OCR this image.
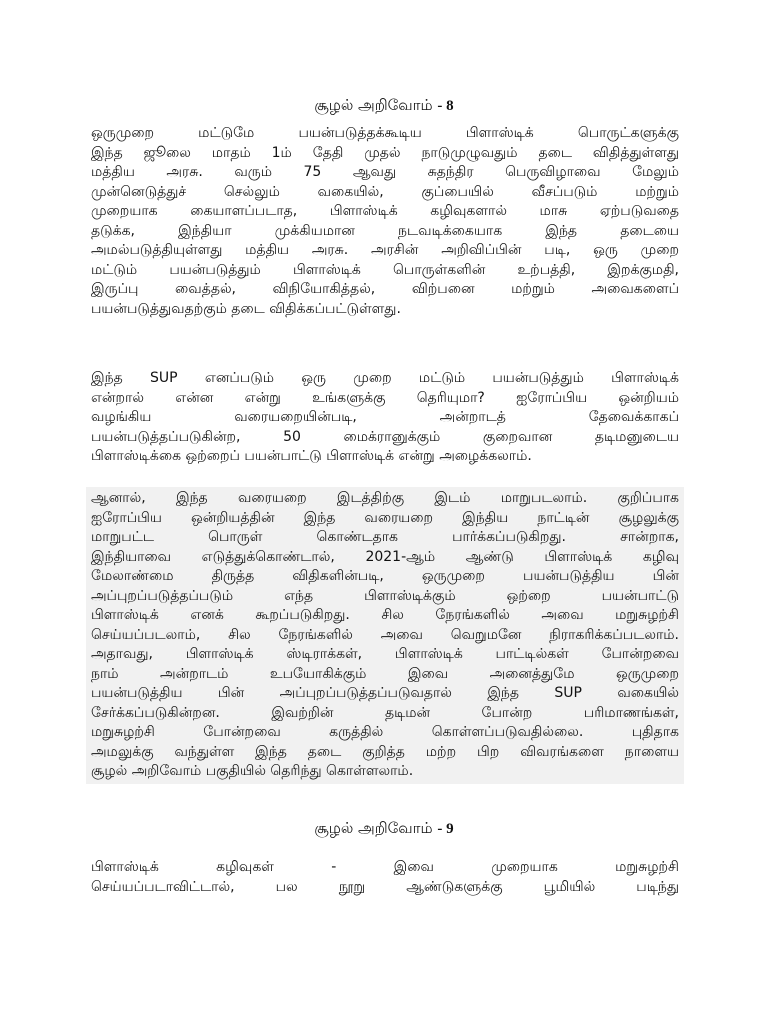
சூழல் அறிவோம் - 8
ஒருமுறை மட்டுமே பயன்படுத்தக்கூடிய பிளாஸ்டிக் பொருட்களுக்கு
இந்த ஜூலை மாதம் 1ம் தேதி முதல் நாடுமுழுவதும் தடை விதித்துள்ளது
மத்திய அரசு. வரும் 75 ஆவது சுதந்திர பெருவிழாவை மேலும்
முன்னெடுத்துச் செல்லும் வகையில், குப்பையில் வீசப்படும் மற்றும்
முறையாக கையாளப்படாத, பிளாஸ்டிக் கழிவுகளால் மாசு ஏற்படுவதை
தடுக்க, இந்தியா முக்கியமான நடவடிக்கையாக இந்த தடையை
அமல்படுத்தியுள்ளது மத்திய அரசு. அரசின் அறிவிப்பின் படி, ஒரு முறை
மட்டும் பயன்படுத்தும் பிளாஸ்டிக் பொருள்களின் உற்பத்தி, இறக்குமதி,
இருப்பு வைத்தல், விநியோகித்தல், விற்பனை மற்றும் அவைகளைப்
பயன்படுத்துவதற்கும் தடை விதிக்கப்பட்டுள்ளது.
இந்த SUP எனப்படும் ஒரு முறை மட்டும் பயன்படுத்தும் பிளாஸ்டிக்
என்றால் என்ன என்று உங்களுக்கு தெரியுமா? ஐரோப்பிய ஒன்றியம்
வழங்கிய வரையறையின்படி, அன்றாடத் தேவைக்காகப்
பயன்படுத்தப்படுகின்ற, 50 மைக்ரானுக்கும் குறைவான தடிமனுடைய
பிளாஸ்டிக்கை ஒற்றைப் பயன்பாட்டு பிளாஸ்டிக் என்று அழைக்கலாம்.
ஆனால், இந்த வரையறை இடத்திற்கு இடம் மாறுபடலாம். குறிப்பாக
ஐரோப்பிய ஒன்றியத்தின் இந்த வரையறை இந்திய நாட்டின் சூழலுக்கு
மாறுபட்ட பொருள் கொண்டதாக பார்க்கப்படுகிறது. சான்றாக,
இந்தியாவை எடுத்துக்கொண்டால், 2021-ஆம் ஆண்டு பிளாஸ்டிக் கழிவு
மேலாண்மை திருத்த விதிகளின்படி, ஒருமுறை பயன்படுத்திய பின்
அப்புறப்படுத்தப்படும் எந்த பிளாஸ்டிக்கும் ஒற்றை பயன்பாட்டு
பிளாஸ்டிக் எனக் கூறப்படுகிறது. சில நேரங்களில் அவை மறுசுழற்சி
செய்யப்படலாம், சில நேரங்களில் அவை வெறுமனே நிராகரிக்கப்படலாம்.
அதாவது, பிளாஸ்டிக் ஸ்டிராக்கள், பிளாஸ்டிக் பாட்டில்கள் போன்றவை
நாம் அன்றாடம் உபயோகிக்கும் இவை அனைத்துமே ஒருமுறை
பயன்படுத்திய பின் அப்புறப்படுத்தப்படுவதால் இந்த SUP வகையில்
சேர்க்கப்படுகின்றன. இவற்றின் தடிமன் போன்ற பரிமாணங்கள்,
மறுசுழற்சி போன்றவை கருத்தில் கொள்ளப்படுவதில்லை. புதிதாக
அமலுக்கு வந்துள்ள இந்த தடை குறித்த மற்ற பிற விவரங்களை நாளைய
சூழல் அறிவோம் பகுதியில் தெரிந்து கொள்ளலாம்.
சூழல் அறிவோம் - 9
பிளாஸ்டிக் கழிவுகள் - இவை முறையாக மறுசுழற்சி
செய்யப்படாவிட்டால், பல நூறு ஆண்டுகளுக்கு பூமியில் படிந்து
